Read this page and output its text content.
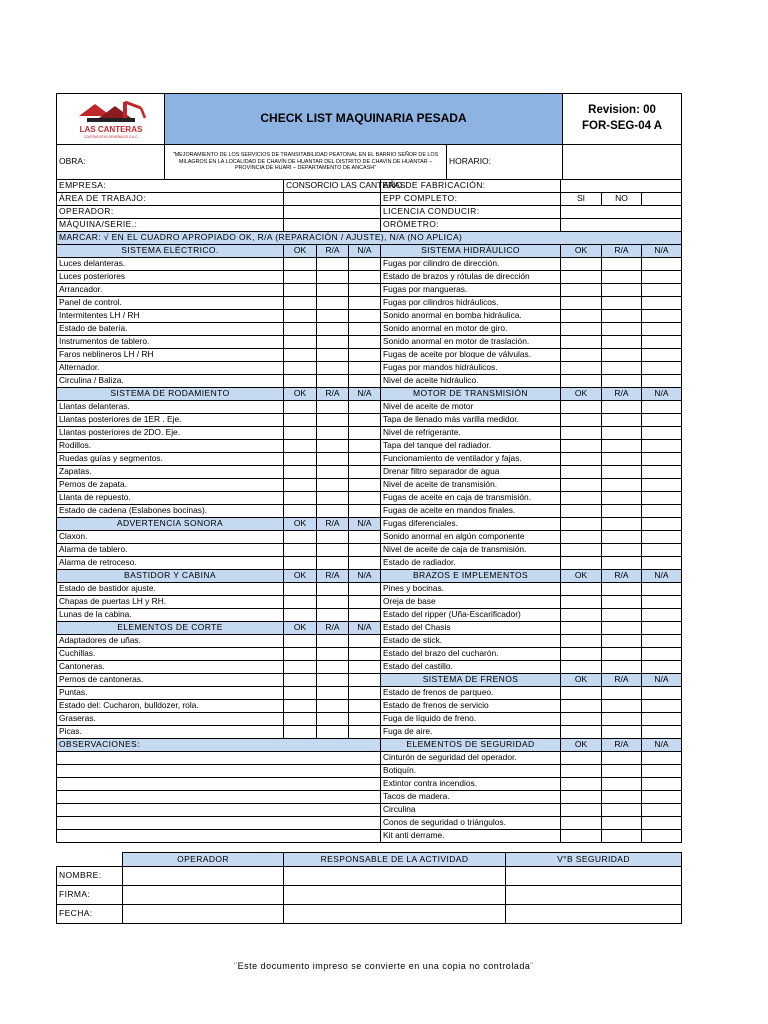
LAS CANTERAS
CONTRATISTAS GENERALES S.A.C.	CHECK LIST MAQUINARIA PESADA		Revision: 00
FOR-SEG-04 A
OBRA:	"MEJORAMIENTO DE LOS SERVICIOS DE TRANSITABILIDAD PEATONAL EN EL BARRIO SEÑOR DE LOS MILAGROS EN LA LOCALIDAD DE CHAVÍN DE HUANTAR DEL DISTRITO DE CHAVÍN DE HUANTAR – PROVINCIA DE HUARI – DEPARTAMENTO DE ANCASH"	HORARIO:	
EMPRESA:	CONSORCIO LAS CANTERAS			AÑO DE FABRICACIÓN:			
ÁREA DE TRABAJO:				EPP COMPLETO:	SI	NO	
OPERADOR:				LICENCIA CONDUCIR:			
MÁQUINA/SERIE.:				ORÓMETRO:			
MARCAR: √ EN EL CUADRO APROPIADO OK, R/A (REPARACIÓN / AJUSTE), N/A (NO APLICA)							
SISTEMA ELÉCTRICO.	OK	R/A	N/A	SISTEMA HIDRÁULICO	OK	R/A	N/A
Luces delanteras.				Fugas por cilindro de dirección.			
Luces posteriores				Estado de brazos y rótulas de dirección			
Arrancador.				Fugas por mangueras.			
Panel de control.				Fugas por cilindros hidráulicos.			
Intermitentes LH / RH				Sonido anormal en bomba hidráulica.			
Estado de batería.				Sonido anormal en motor de giro.			
Instrumentos de tablero.				Sonido anormal en motor de traslación.			
Faros neblineros LH / RH				Fugas de aceite por bloque de válvulas.			
Alternador.				Fugas por mandos hidráulicos.			
Circulina / Baliza.				Nivel de aceite hidráulico.			
SISTEMA DE RODAMIENTO	OK	R/A	N/A	MOTOR DE TRANSMISIÓN	OK	R/A	N/A
Llantas delanteras.				Nivel de aceite de motor			
Llantas posteriores de 1ER . Eje.				Tapa de llenado más varilla medidor.			
Llantas posteriores de 2DO. Eje.				Nivel de refrigerante.			
Rodillos.				Tapa del tanque del radiador.			
Ruedas guías y segmentos.				Funcionamiento de ventilador y fajas.			
Zapatas.				Drenar filtro separador de agua			
Pernos de zapata.				Nivel de aceite de transmisión.			
Llanta de repuesto.				Fugas de aceite en caja de transmisión.			
Estado de cadena (Eslabones bocinas).				Fugas de aceite en mandos finales.			
ADVERTENCIA SONORA	OK	R/A	N/A	Fugas diferenciales.			
Claxon.				Sonido anormal en algún componente			
Alarma de tablero.				Nivel de aceite de caja de transmisión.			
Alarma de retroceso.				Estado de radiador.			
BASTIDOR Y CABINA	OK	R/A	N/A	BRAZOS E IMPLEMENTOS	OK	R/A	N/A
Estado de bastidor ajuste.				Pines y bocinas.			
Chapas de puertas LH y RH.				Oreja de base			
Lunas de la cabina.				Estado del ripper (Uña-Escarificador)			
ELEMENTOS DE CORTE	OK	R/A	N/A	Estado del Chasis			
Adaptadores de uñas.				Estado de stick.			
Cuchillas.				Estado del brazo del cucharón.			
Cantoneras.				Estado del castillo.			
Pernos de cantoneras.				SISTEMA DE FRENOS	OK	R/A	N/A
Puntas.				Estado de frenos de parqueo.			
Estado del: Cucharon, bulldozer, rola.				Estado de frenos de servicio			
Graseras.				Fuga de líquido de freno.			
Picas.				Fuga de aire.			
OBSERVACIONES:				ELEMENTOS DE SEGURIDAD	OK	R/A	N/A
				Cinturón de seguridad del operador.			
				Botiquín.			
				Extintor contra incendios.			
				Tacos de madera.			
				Circulina			
				Conos de seguridad o triángulos.			
				Kit anti derrame.			
	OPERADOR	RESPONSABLE DE LA ACTIVIDAD	V°B SEGURIDAD
NOMBRE:			
FIRMA:			
FECHA:			
¨Este documento impreso se convierte en una copia no controlada¨
